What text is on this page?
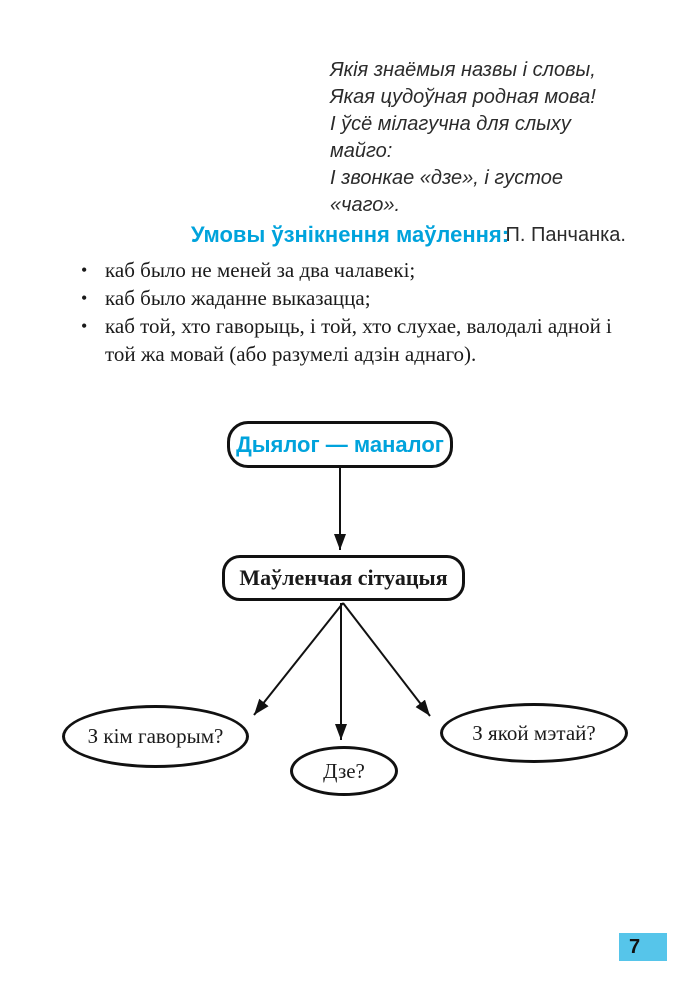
Якія знаёмыя назвы і словы,
Якая цудоўная родная мова!
І ўсё мілагучна для слыху майго:
І звонкае «дзе», і густое «чаго».
П. Панчанка.
Умовы ўзнікнення маўлення:
• каб было не меней за два чалавекі;
• каб было жаданне выказацца;
• каб той, хто гаворыць, і той, хто слухае, валодалі адной і той жа мовай (або разумелі адзін аднаго).
Дыялог — маналог
Маўленчая сітуацыя
З кім гаворым?
Дзе?
З якой мэтай?
7
